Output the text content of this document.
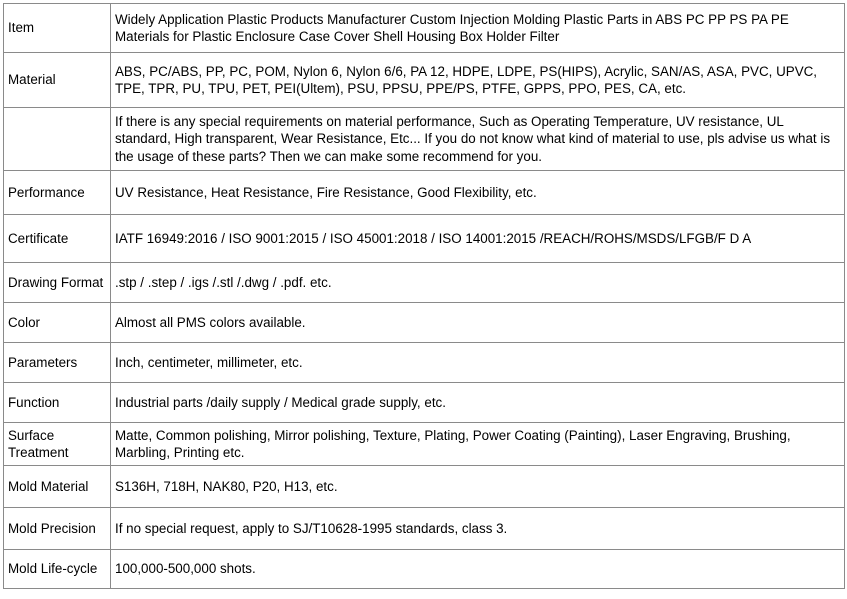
Item	Widely Application Plastic Products Manufacturer Custom Injection Molding Plastic Parts in ABS PC PP PS PA PE Materials for Plastic Enclosure Case Cover Shell Housing Box Holder Filter
Material	ABS, PC/ABS, PP, PC, POM, Nylon 6, Nylon 6/6, PA 12, HDPE, LDPE, PS(HIPS), Acrylic, SAN/AS, ASA, PVC, UPVC, TPE, TPR, PU, TPU, PET, PEI(Ultem), PSU, PPSU, PPE/PS, PTFE, GPPS, PPO, PES, CA, etc.
	If there is any special requirements on material performance, Such as Operating Temperature, UV resistance, UL standard, High transparent, Wear Resistance, Etc... If you do not know what kind of material to use, pls advise us what is the usage of these parts? Then we can make some recommend for you.
Performance	UV Resistance, Heat Resistance, Fire Resistance, Good Flexibility, etc.
Certificate	IATF 16949:2016 / ISO 9001:2015 / ISO 45001:2018 / ISO 14001:2015 /REACH/ROHS/MSDS/LFGB/F D A
Drawing Format	.stp / .step / .igs /.stl /.dwg / .pdf. etc.
Color	Almost all PMS colors available.
Parameters	Inch, centimeter, millimeter, etc.
Function	Industrial parts /daily supply / Medical grade supply, etc.
Surface Treatment	Matte, Common polishing, Mirror polishing, Texture, Plating, Power Coating (Painting), Laser Engraving, Brushing, Marbling, Printing etc.
Mold Material	S136H, 718H, NAK80, P20, H13, etc.
Mold Precision	If no special request, apply to SJ/T10628-1995 standards, class 3.
Mold Life-cycle	100,000-500,000 shots.
